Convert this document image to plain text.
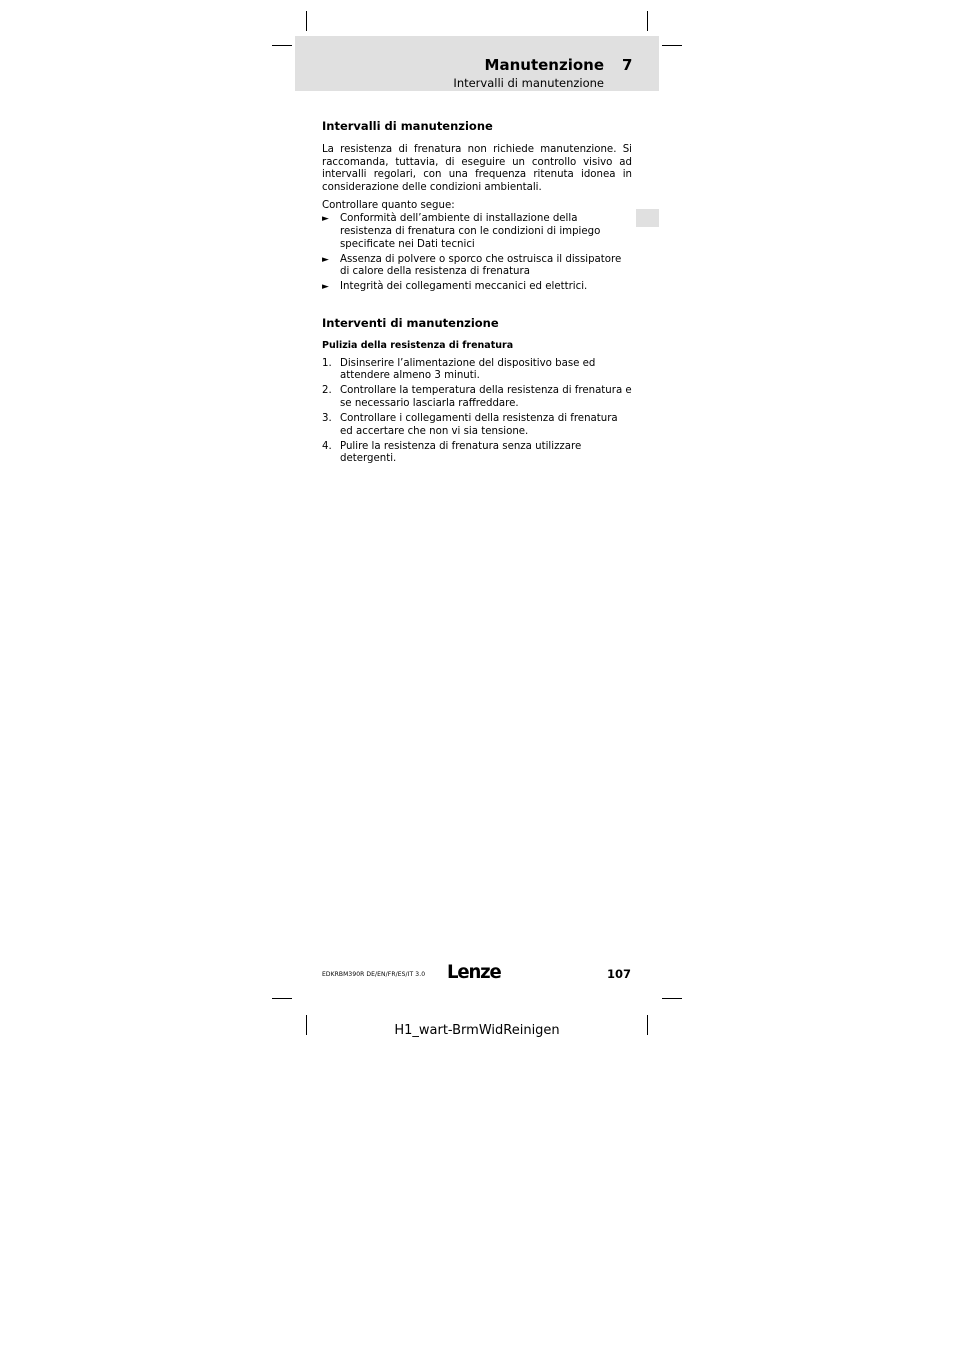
Manutenzione 7
Intervalli di manutenzione
Intervalli di manutenzione

La resistenza di frenatura non richiede manutenzione. Si raccomanda, tuttavia, di eseguire un controllo visivo ad intervalli regolari, con una frequenza ritenuta idonea in considerazione delle condizioni ambientali.

Controllare quanto segue:

► Conformità dell’ambiente di installazione della resistenza di frenatura con le condizioni di impiego specificate nei Dati tecnici
► Assenza di polvere o sporco che ostruisca il dissipatore di calore della resistenza di frenatura
► Integrità dei collegamenti meccanici ed elettrici.
Interventi di manutenzione
Pulizia della resistenza di frenatura
1. Disinserire l’alimentazione del dispositivo base ed attendere almeno 3 minuti.
2. Controllare la temperatura della resistenza di frenatura e se necessario lasciarla raffreddare.
3. Controllare i collegamenti della resistenza di frenatura ed accertare che non vi sia tensione.
4. Pulire la resistenza di frenatura senza utilizzare detergenti.
EDKRBM390R DE/EN/FR/ES/IT 3.0 Lenze	107
H1_wart-BrmWidReinigen
